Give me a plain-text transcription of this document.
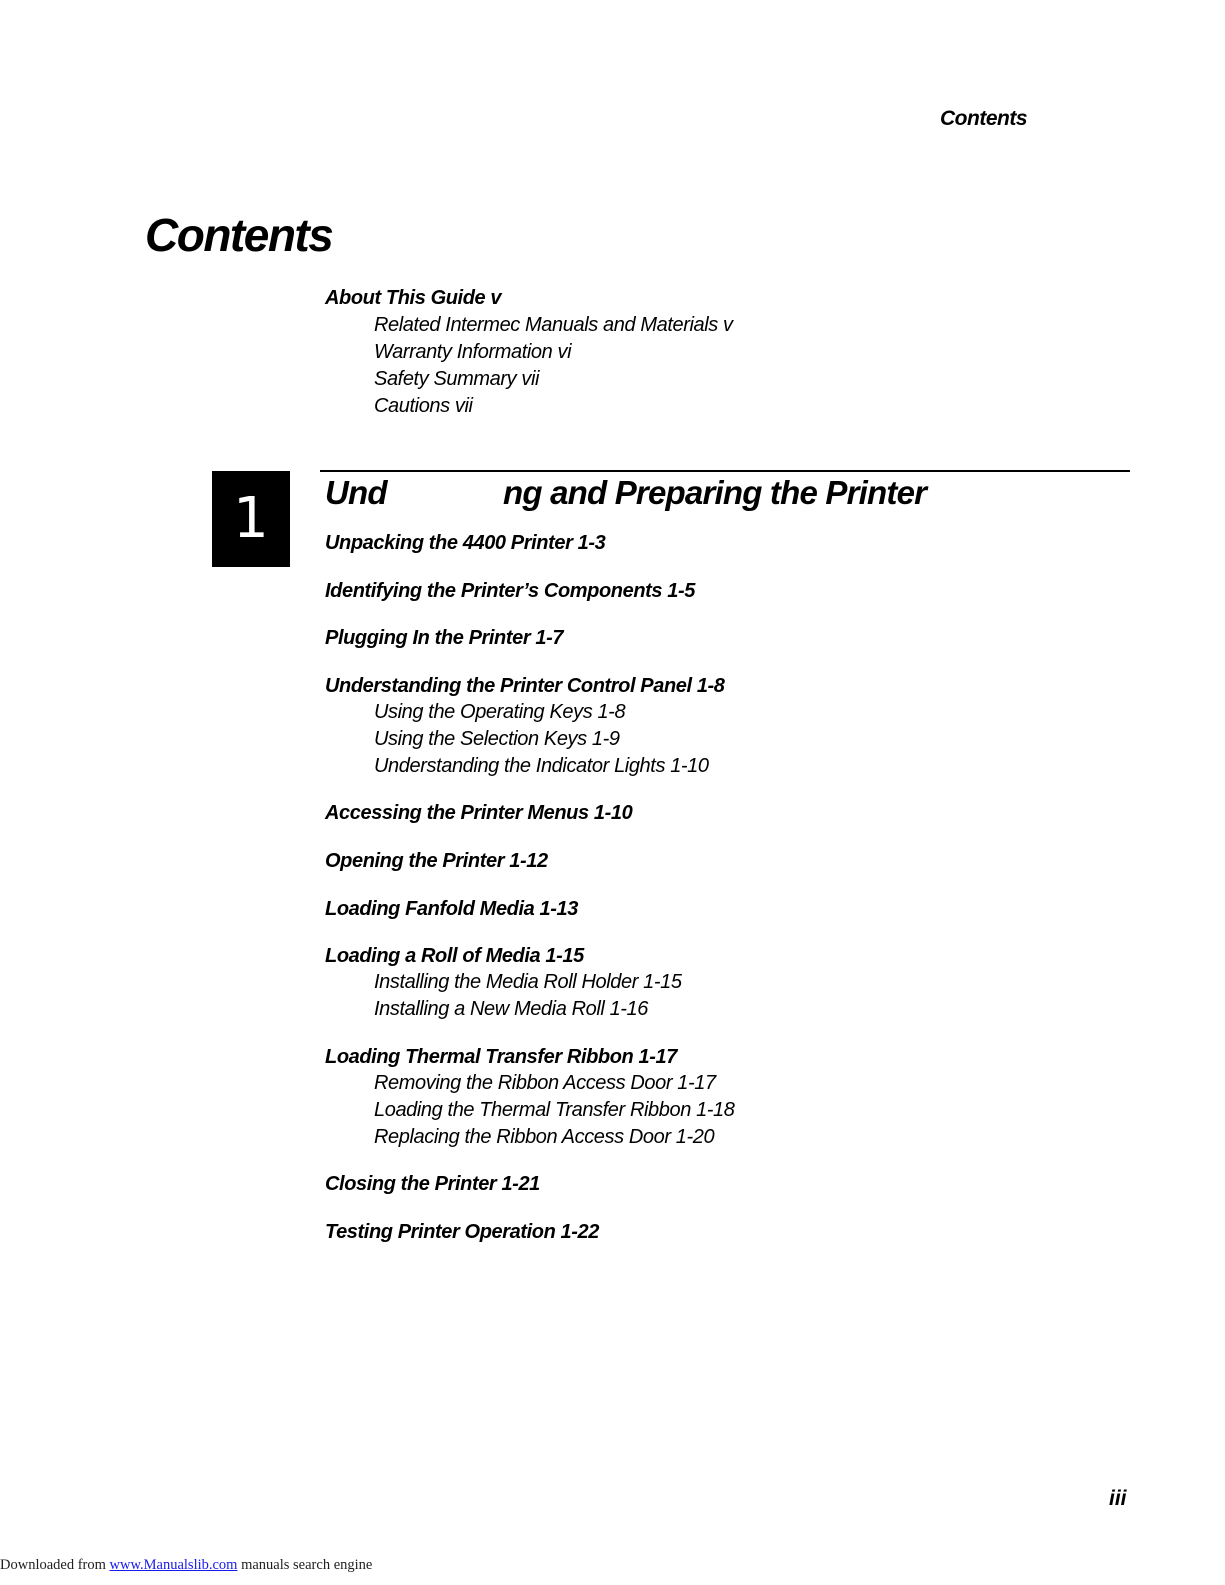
Contents
Contents
About This Guide v
Related Intermec Manuals and Materials v
Warranty Information vi
Safety Summary vii
Cautions vii
1 Und	ng and Preparing the Printer
Unpacking the 4400 Printer 1-3
Identifying the Printer’s Components 1-5
Plugging In the Printer 1-7
Understanding the Printer Control Panel 1-8
Using the Operating Keys 1-8
Using the Selection Keys 1-9
Understanding the Indicator Lights 1-10
Accessing the Printer Menus 1-10
Opening the Printer 1-12
Loading Fanfold Media 1-13
Loading a Roll of Media 1-15
Installing the Media Roll Holder 1-15
Installing a New Media Roll 1-16
Loading Thermal Transfer Ribbon 1-17
Removing the Ribbon Access Door 1-17
Loading the Thermal Transfer Ribbon 1-18
Replacing the Ribbon Access Door 1-20
Closing the Printer 1-21
Testing Printer Operation 1-22
iii
Downloaded from www.Manualslib.com manuals search engine
